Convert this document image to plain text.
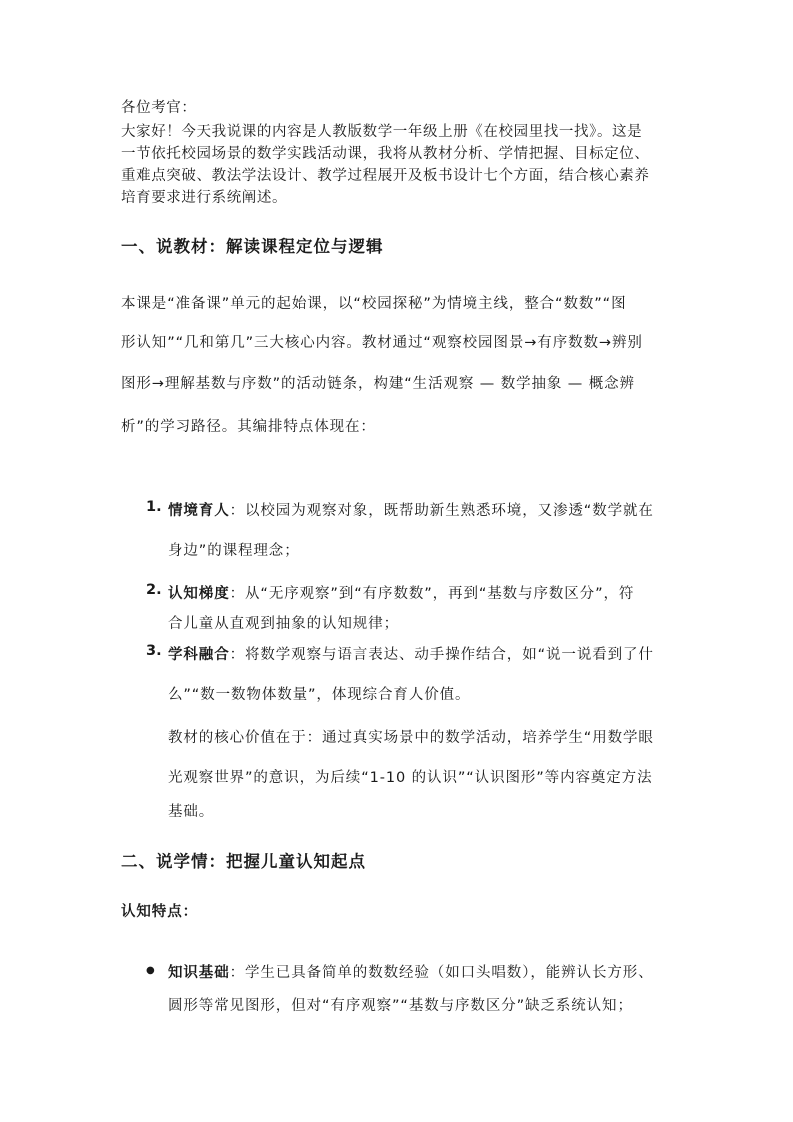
各位考官：
大家好！今天我说课的内容是人教版数学一年级上册《在校园里找一找》。这是
一节依托校园场景的数学实践活动课，我将从教材分析、学情把握、目标定位、
重难点突破、教法学法设计、教学过程展开及板书设计七个方面，结合核心素养
培育要求进行系统阐述。
一、说教材：解读课程定位与逻辑
本课是“准备课”单元的起始课，以“校园探秘”为情境主线，整合“数数”“图
形认知”“几和第几”三大核心内容。教材通过“观察校园图景→有序数数→辨别
图形→理解基数与序数”的活动链条，构建“生活观察 — 数学抽象 — 概念辨
析”的学习路径。其编排特点体现在：
1. 情境育人：以校园为观察对象，既帮助新生熟悉环境，又渗透“数学就在
身边”的课程理念；
2. 认知梯度：从“无序观察”到“有序数数”，再到“基数与序数区分”，符
合儿童从直观到抽象的认知规律；
3. 学科融合：将数学观察与语言表达、动手操作结合，如“说一说看到了什
么”“数一数物体数量”，体现综合育人价值。
教材的核心价值在于：通过真实场景中的数学活动，培养学生“用数学眼
光观察世界”的意识，为后续“1-10 的认识”“认识图形”等内容奠定方法
基础。
二、说学情：把握儿童认知起点
认知特点：
● 知识基础：学生已具备简单的数数经验（如口头唱数），能辨认长方形、
圆形等常见图形，但对“有序观察”“基数与序数区分”缺乏系统认知；
